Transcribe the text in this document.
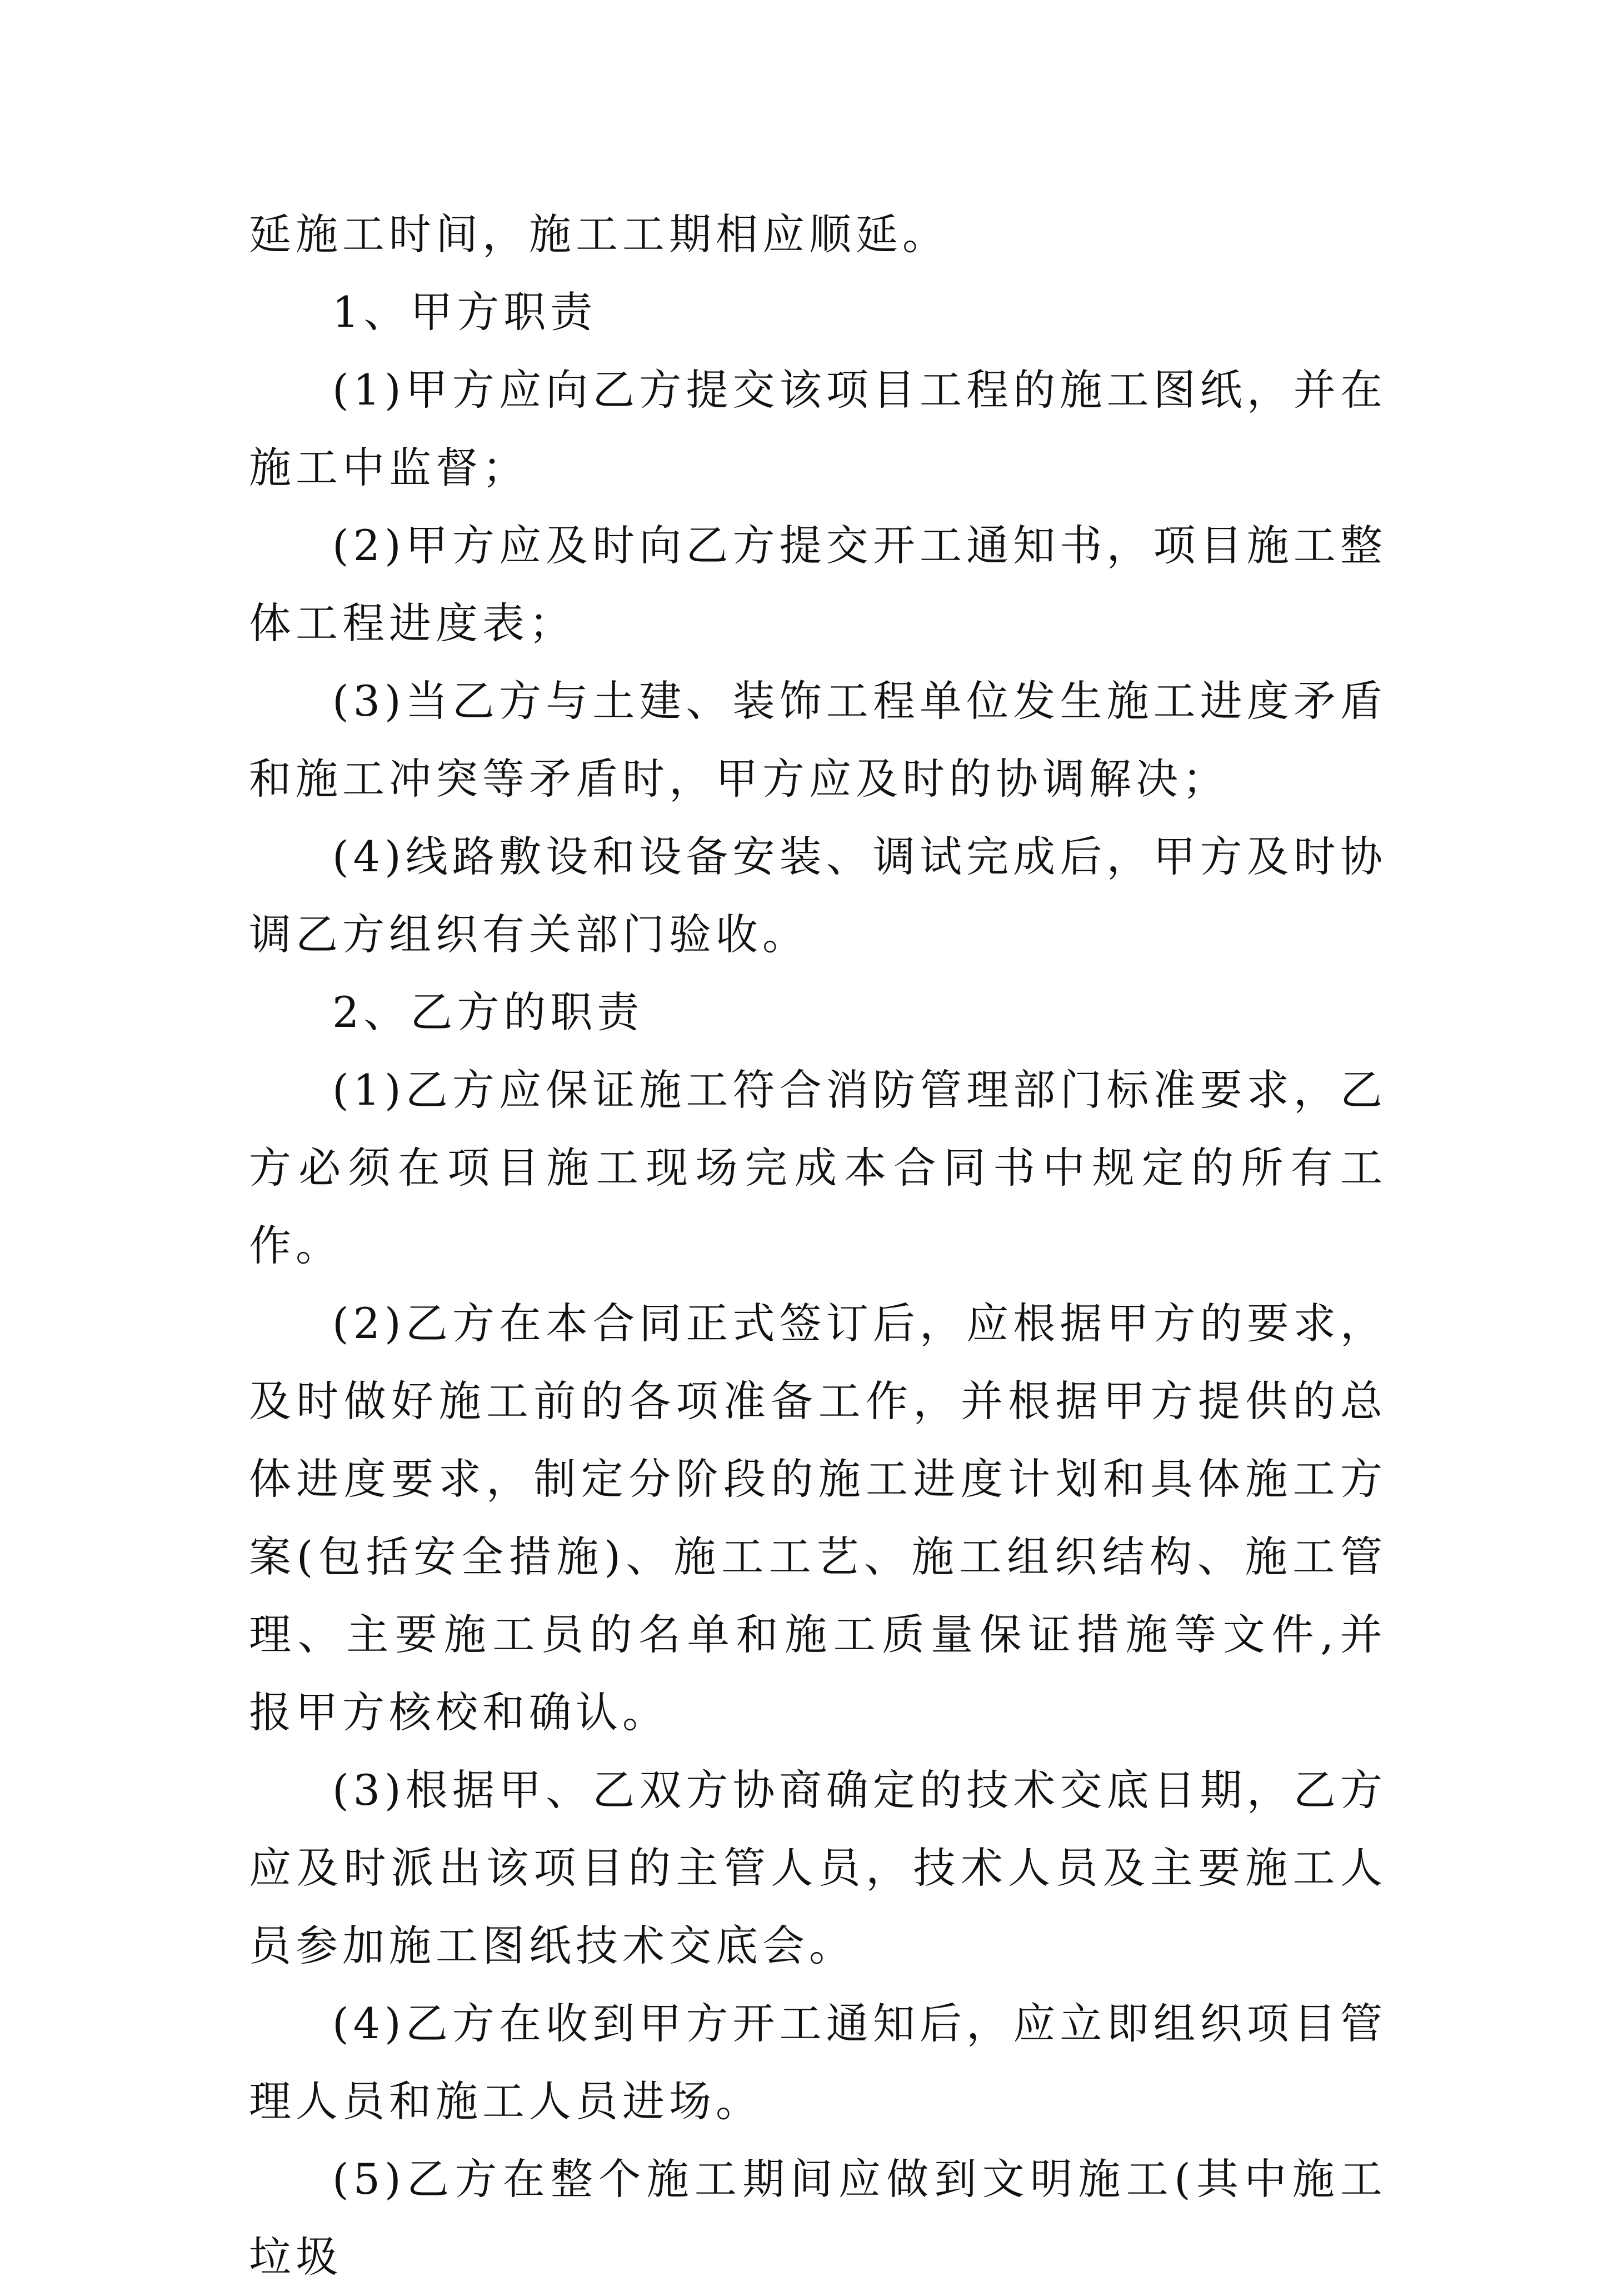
延施工时间，施工工期相应顺延。

1、甲方职责

(1)甲方应向乙方提交该项目工程的施工图纸，并在施工中监督；

(2)甲方应及时向乙方提交开工通知书，项目施工整体工程进度表；

(3)当乙方与土建、装饰工程单位发生施工进度矛盾和施工冲突等矛盾时，甲方应及时的协调解决；

(4)线路敷设和设备安装、调试完成后，甲方及时协调乙方组织有关部门验收。

2、乙方的职责

(1)乙方应保证施工符合消防管理部门标准要求，乙方必须在项目施工现场完成本合同书中规定的所有工作。

(2)乙方在本合同正式签订后，应根据甲方的要求，及时做好施工前的各项准备工作，并根据甲方提供的总体进度要求，制定分阶段的施工进度计划和具体施工方案(包括安全措施)、施工工艺、施工组织结构、施工管理、主要施工员的名单和施工质量保证措施等文件,并报甲方核校和确认。

(3)根据甲、乙双方协商确定的技术交底日期，乙方应及时派出该项目的主管人员，技术人员及主要施工人员参加施工图纸技术交底会。

(4)乙方在收到甲方开工通知后，应立即组织项目管理人员和施工人员进场。

(5)乙方在整个施工期间应做到文明施工(其中施工垃圾
